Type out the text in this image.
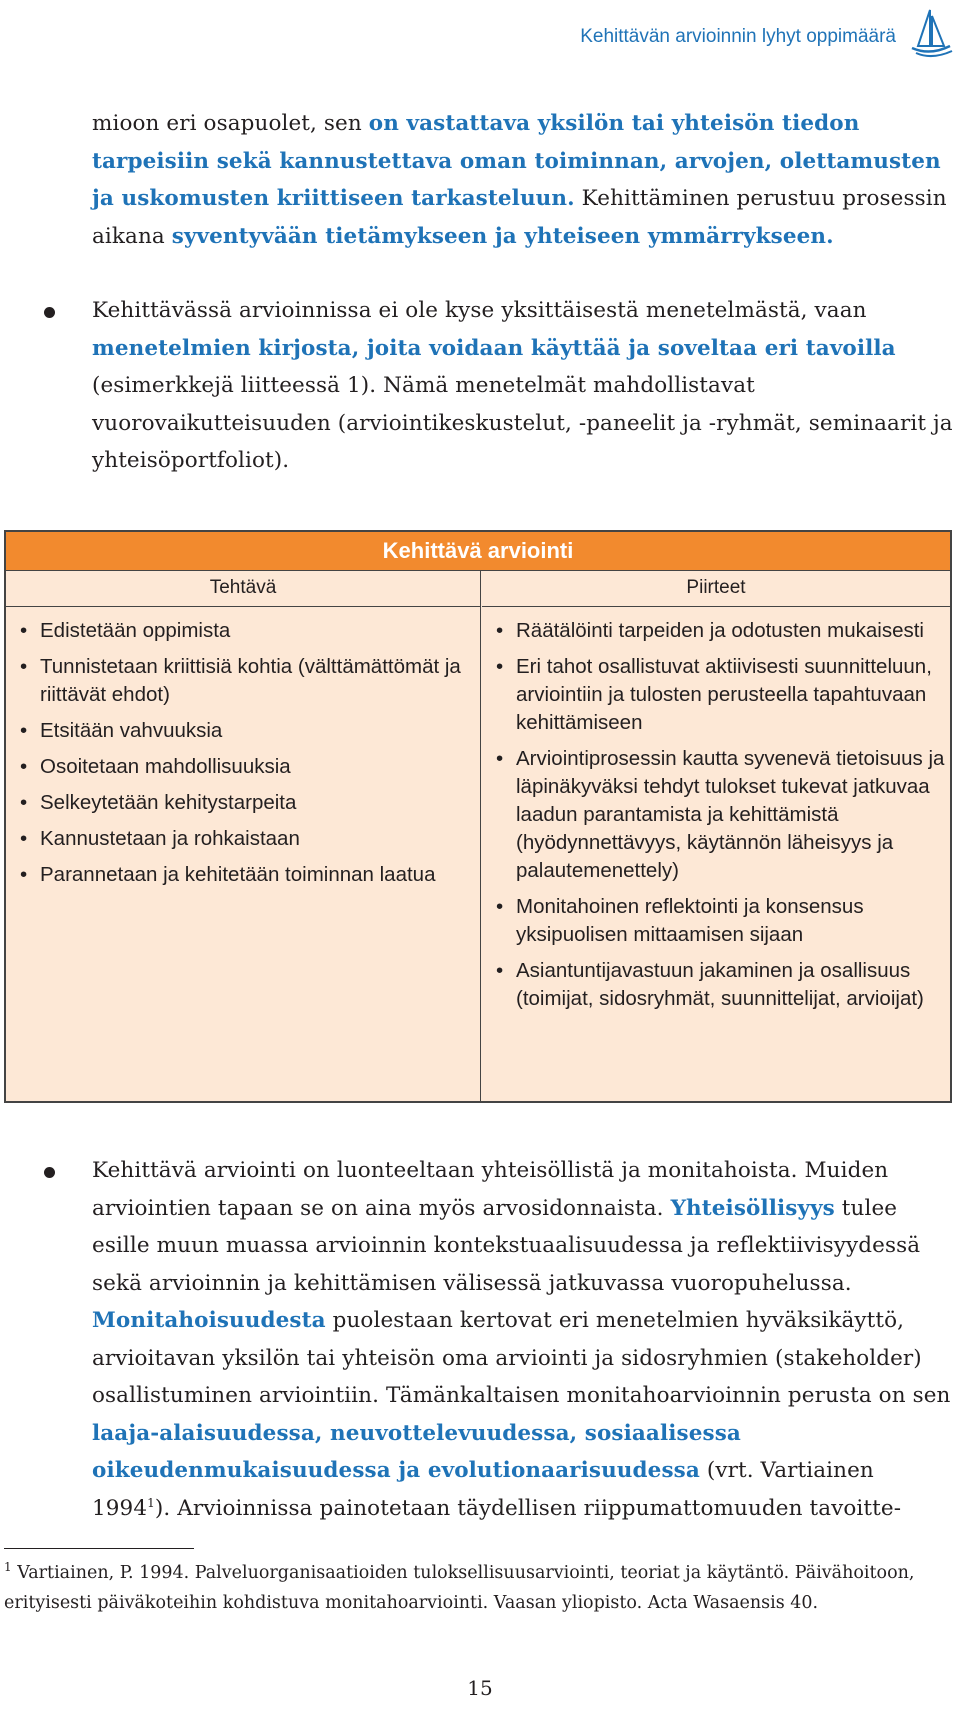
Kehittävän arvioinnin lyhyt oppimäärä

mioon eri osapuolet, sen on vastattava yksilön tai yhteisön tiedon tarpeisiin sekä kannustettava oman toiminnan, arvojen, olettamusten ja uskomusten kriittiseen tarkasteluun. Kehittäminen perustuu prosessin aikana syventyvään tietämykseen ja yhteiseen ymmärrykseen.

Kehittävässä arvioinnissa ei ole kyse yksittäisestä menetelmästä, vaan menetelmien kirjosta, joita voidaan käyttää ja soveltaa eri tavoilla (esimerkkejä liitteessä 1). Nämä menetelmät mahdollistavat vuorovaikutteisuuden (arviointikeskustelut, -paneelit ja -ryhmät, seminaarit ja yhteisöportfoliot).

Kehittävä arviointi
Tehtävä
• Edistetään oppimista
• Tunnistetaan kriittisiä kohtia (välttämättömät ja riittävät ehdot)
• Etsitään vahvuuksia
• Osoitetaan mahdollisuuksia
• Selkeytetään kehitystarpeita
• Kannustetaan ja rohkaistaan
• Parannetaan ja kehitetään toiminnan laatua
Piirteet
• Räätälöinti tarpeiden ja odotusten mukaisesti
• Eri tahot osallistuvat aktiivisesti suunnitteluun, arviointiin ja tulosten perusteella tapahtuvaan kehittämiseen
• Arviointiprosessin kautta syvenevä tietoisuus ja läpinäkyväksi tehdyt tulokset tukevat jatkuvaa laadun parantamista ja kehittämistä (hyödynnettävyys, käytännön läheisyys ja palautemenettely)
• Monitahoinen reflektointi ja konsensus yksipuolisen mittaamisen sijaan
• Asiantuntijavastuun jakaminen ja osallisuus (toimijat, sidosryhmät, suunnittelijat, arvioijat)

Kehittävä arviointi on luonteeltaan yhteisöllistä ja monitahoista. Muiden arviointien tapaan se on aina myös arvosidonnaista. Yhteisöllisyys tulee esille muun muassa arvioinnin kontekstuaalisuudessa ja reflektiivisyydessä sekä arvioinnin ja kehittämisen välisessä jatkuvassa vuoropuhelussa. Monitahoisuudesta puolestaan kertovat eri menetelmien hyväksikäyttö, arvioitavan yksilön tai yhteisön oma arviointi ja sidosryhmien (stakeholder) osallistuminen arviointiin. Tämänkaltaisen monitahoarvioinnin perusta on sen laaja-alaisuudessa, neuvottelevuudessa, sosiaalisessa oikeudenmukaisuudessa ja evolutionaarisuudessa (vrt. Vartiainen 1994$^1$). Arvioinnissa painotetaan täydellisen riippumattomuuden tavoitte-

$^1$ Vartiainen, P. 1994. Palveluorganisaatioiden tuloksellisuusarviointi, teoriat ja käytäntö. Päivähoitoon, erityisesti päiväkoteihin kohdistuva monitahoarviointi. Vaasan yliopisto. Acta Wasaensis 40.
15
